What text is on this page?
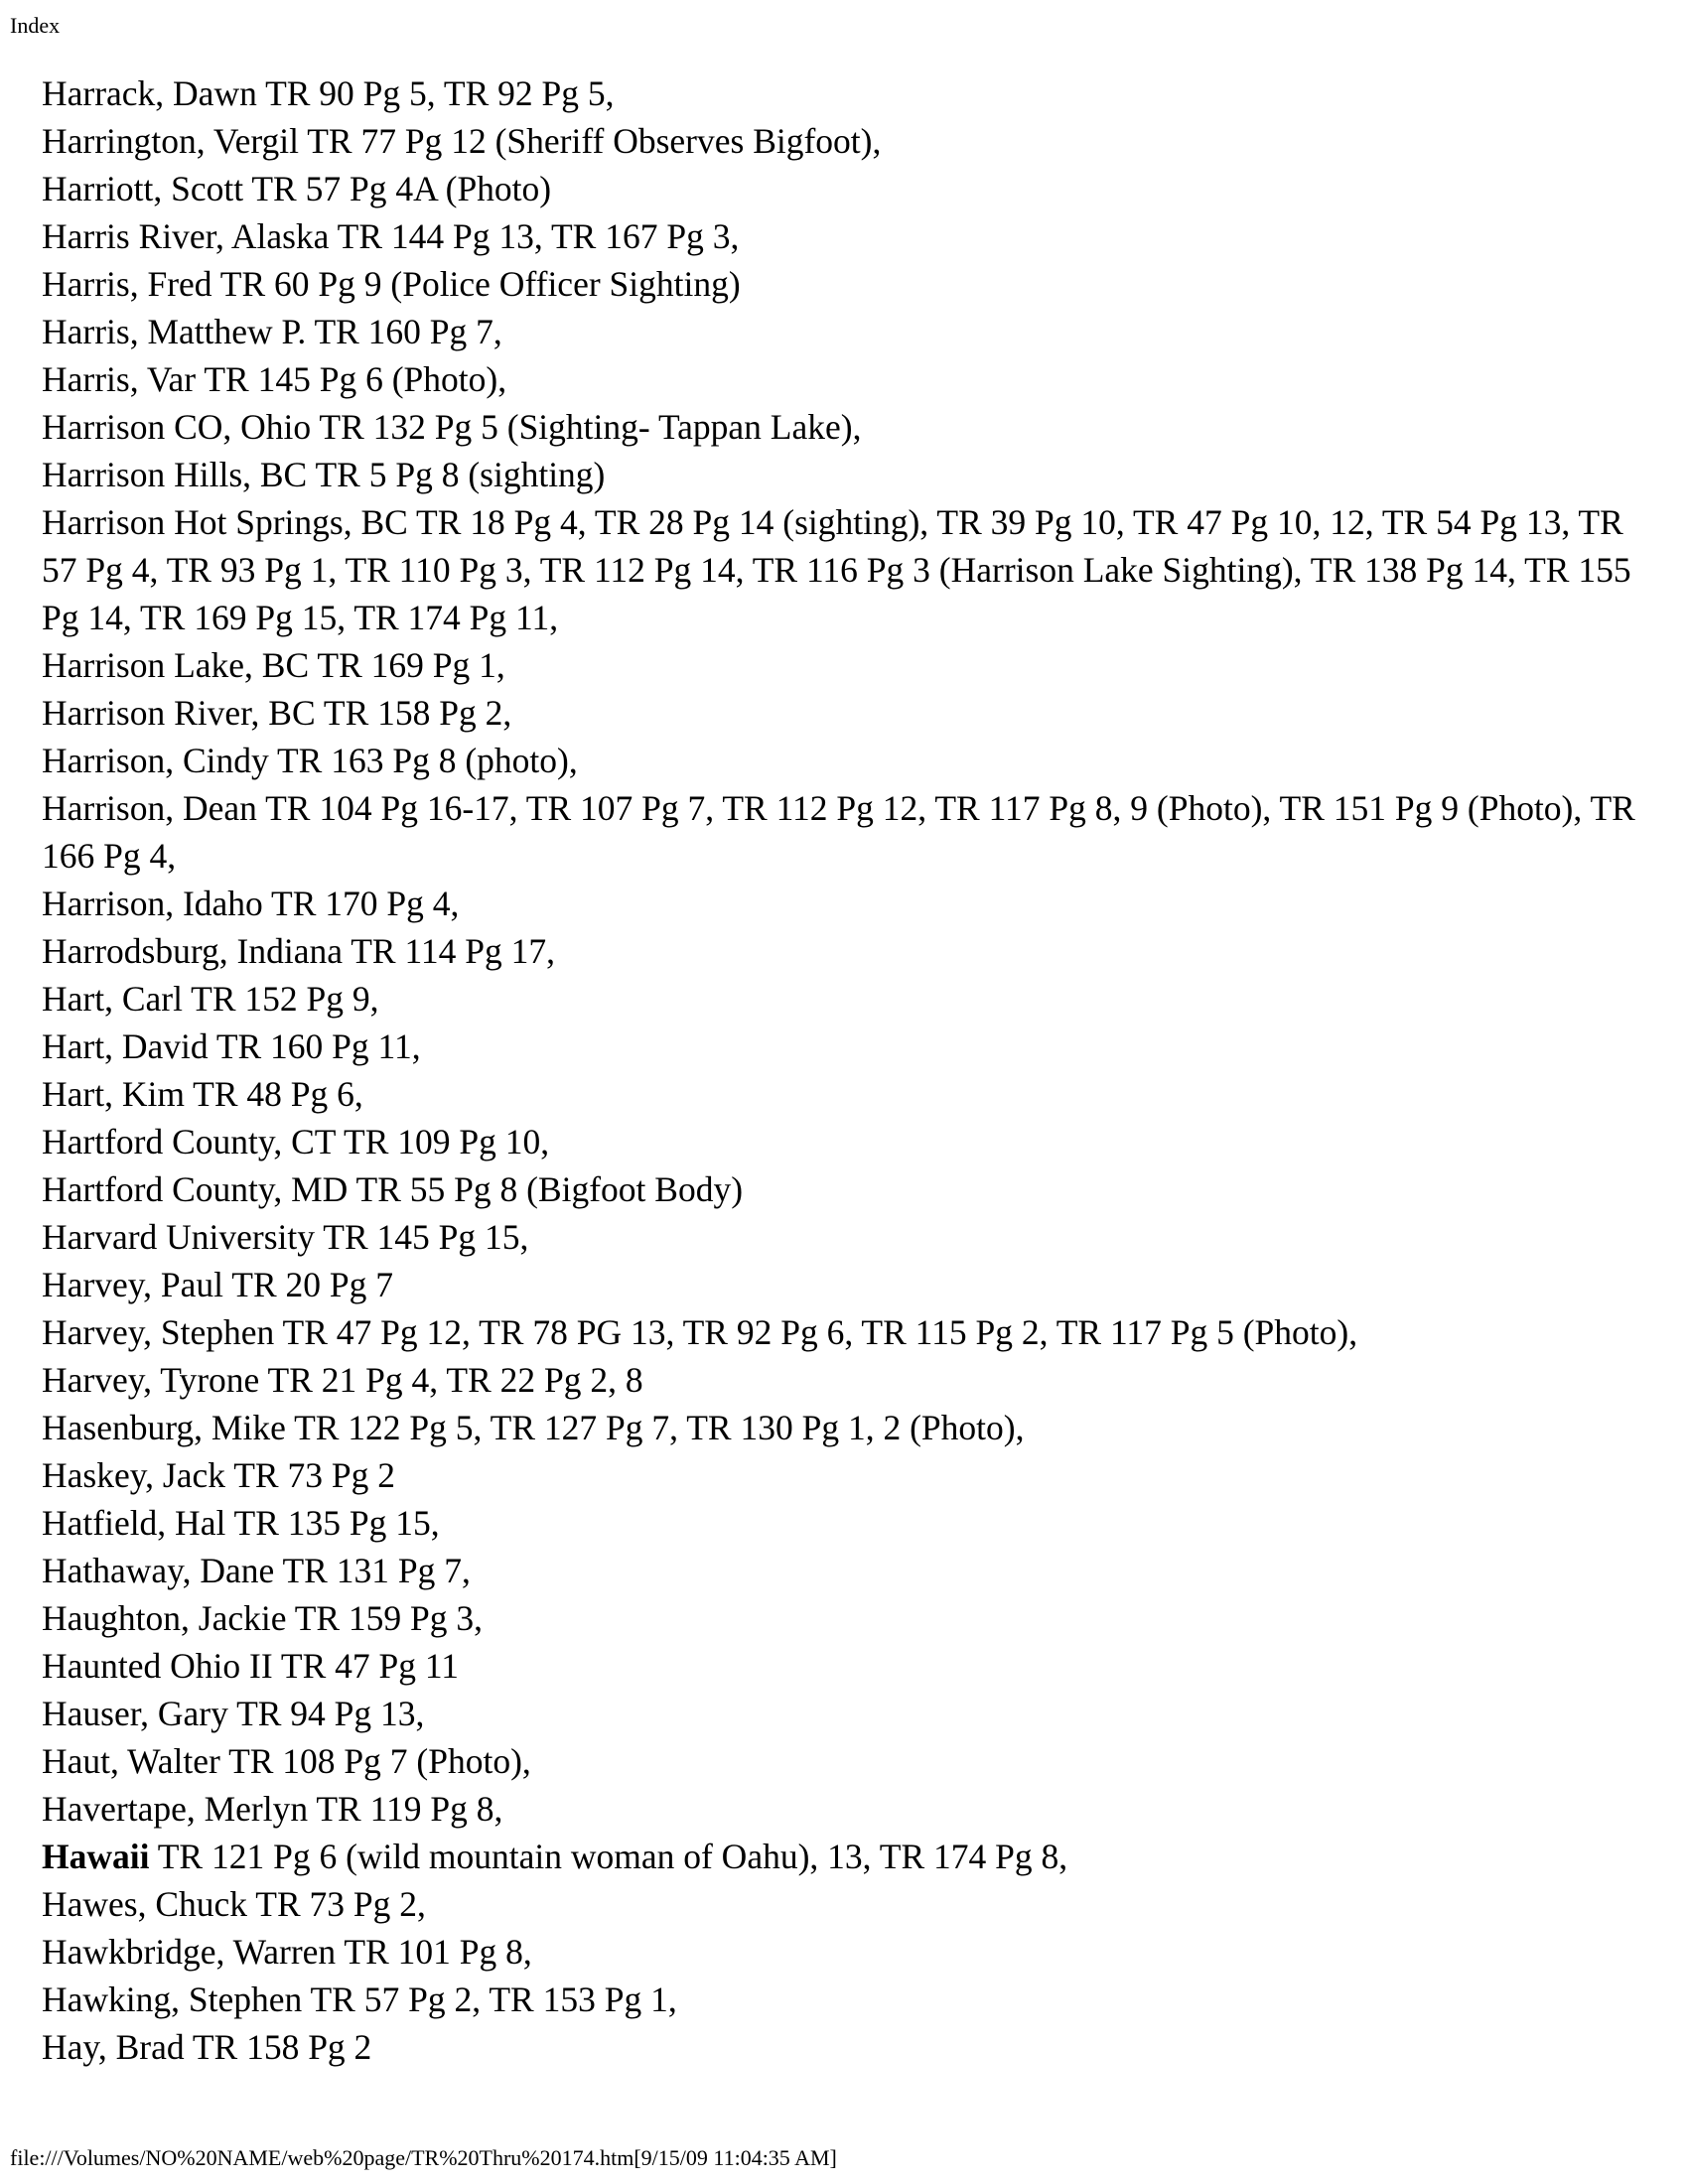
Index
Harrack, Dawn TR 90 Pg 5, TR 92 Pg 5,
Harrington, Vergil TR 77 Pg 12 (Sheriff Observes Bigfoot),
Harriott, Scott TR 57 Pg 4A (Photo)
Harris River, Alaska TR 144 Pg 13, TR 167 Pg 3,
Harris, Fred TR 60 Pg 9 (Police Officer Sighting)
Harris, Matthew P. TR 160 Pg 7,
Harris, Var TR 145 Pg 6 (Photo),
Harrison CO, Ohio TR 132 Pg 5 (Sighting- Tappan Lake),
Harrison Hills, BC TR 5 Pg 8 (sighting)
Harrison Hot Springs, BC TR 18 Pg 4, TR 28 Pg 14 (sighting), TR 39 Pg 10, TR 47 Pg 10, 12, TR 54 Pg 13, TR 57 Pg 4, TR 93 Pg 1, TR 110 Pg 3, TR 112 Pg 14, TR 116 Pg 3 (Harrison Lake Sighting), TR 138 Pg 14, TR 155 Pg 14, TR 169 Pg 15, TR 174 Pg 11,
Harrison Lake, BC TR 169 Pg 1,
Harrison River, BC TR 158 Pg 2,
Harrison, Cindy TR 163 Pg 8 (photo),
Harrison, Dean TR 104 Pg 16-17, TR 107 Pg 7, TR 112 Pg 12, TR 117 Pg 8, 9 (Photo), TR 151 Pg 9 (Photo), TR 166 Pg 4,
Harrison, Idaho TR 170 Pg 4,
Harrodsburg, Indiana TR 114 Pg 17,
Hart, Carl TR 152 Pg 9,
Hart, David TR 160 Pg 11,
Hart, Kim TR 48 Pg 6,
Hartford County, CT TR 109 Pg 10,
Hartford County, MD TR 55 Pg 8 (Bigfoot Body)
Harvard University TR 145 Pg 15,
Harvey, Paul TR 20 Pg 7
Harvey, Stephen TR 47 Pg 12, TR 78 PG 13, TR 92 Pg 6, TR 115 Pg 2, TR 117 Pg 5 (Photo),
Harvey, Tyrone TR 21 Pg 4, TR 22 Pg 2, 8
Hasenburg, Mike TR 122 Pg 5, TR 127 Pg 7, TR 130 Pg 1, 2 (Photo),
Haskey, Jack TR 73 Pg 2
Hatfield, Hal TR 135 Pg 15,
Hathaway, Dane TR 131 Pg 7,
Haughton, Jackie TR 159 Pg 3,
Haunted Ohio II TR 47 Pg 11
Hauser, Gary TR 94 Pg 13,
Haut, Walter TR 108 Pg 7 (Photo),
Havertape, Merlyn TR 119 Pg 8,
Hawaii TR 121 Pg 6 (wild mountain woman of Oahu), 13, TR 174 Pg 8,
Hawes, Chuck TR 73 Pg 2,
Hawkbridge, Warren TR 101 Pg 8,
Hawking, Stephen TR 57 Pg 2, TR 153 Pg 1,
Hay, Brad TR 158 Pg 2
file:///Volumes/NO%20NAME/web%20page/TR%20Thru%20174.htm[9/15/09 11:04:35 AM]
